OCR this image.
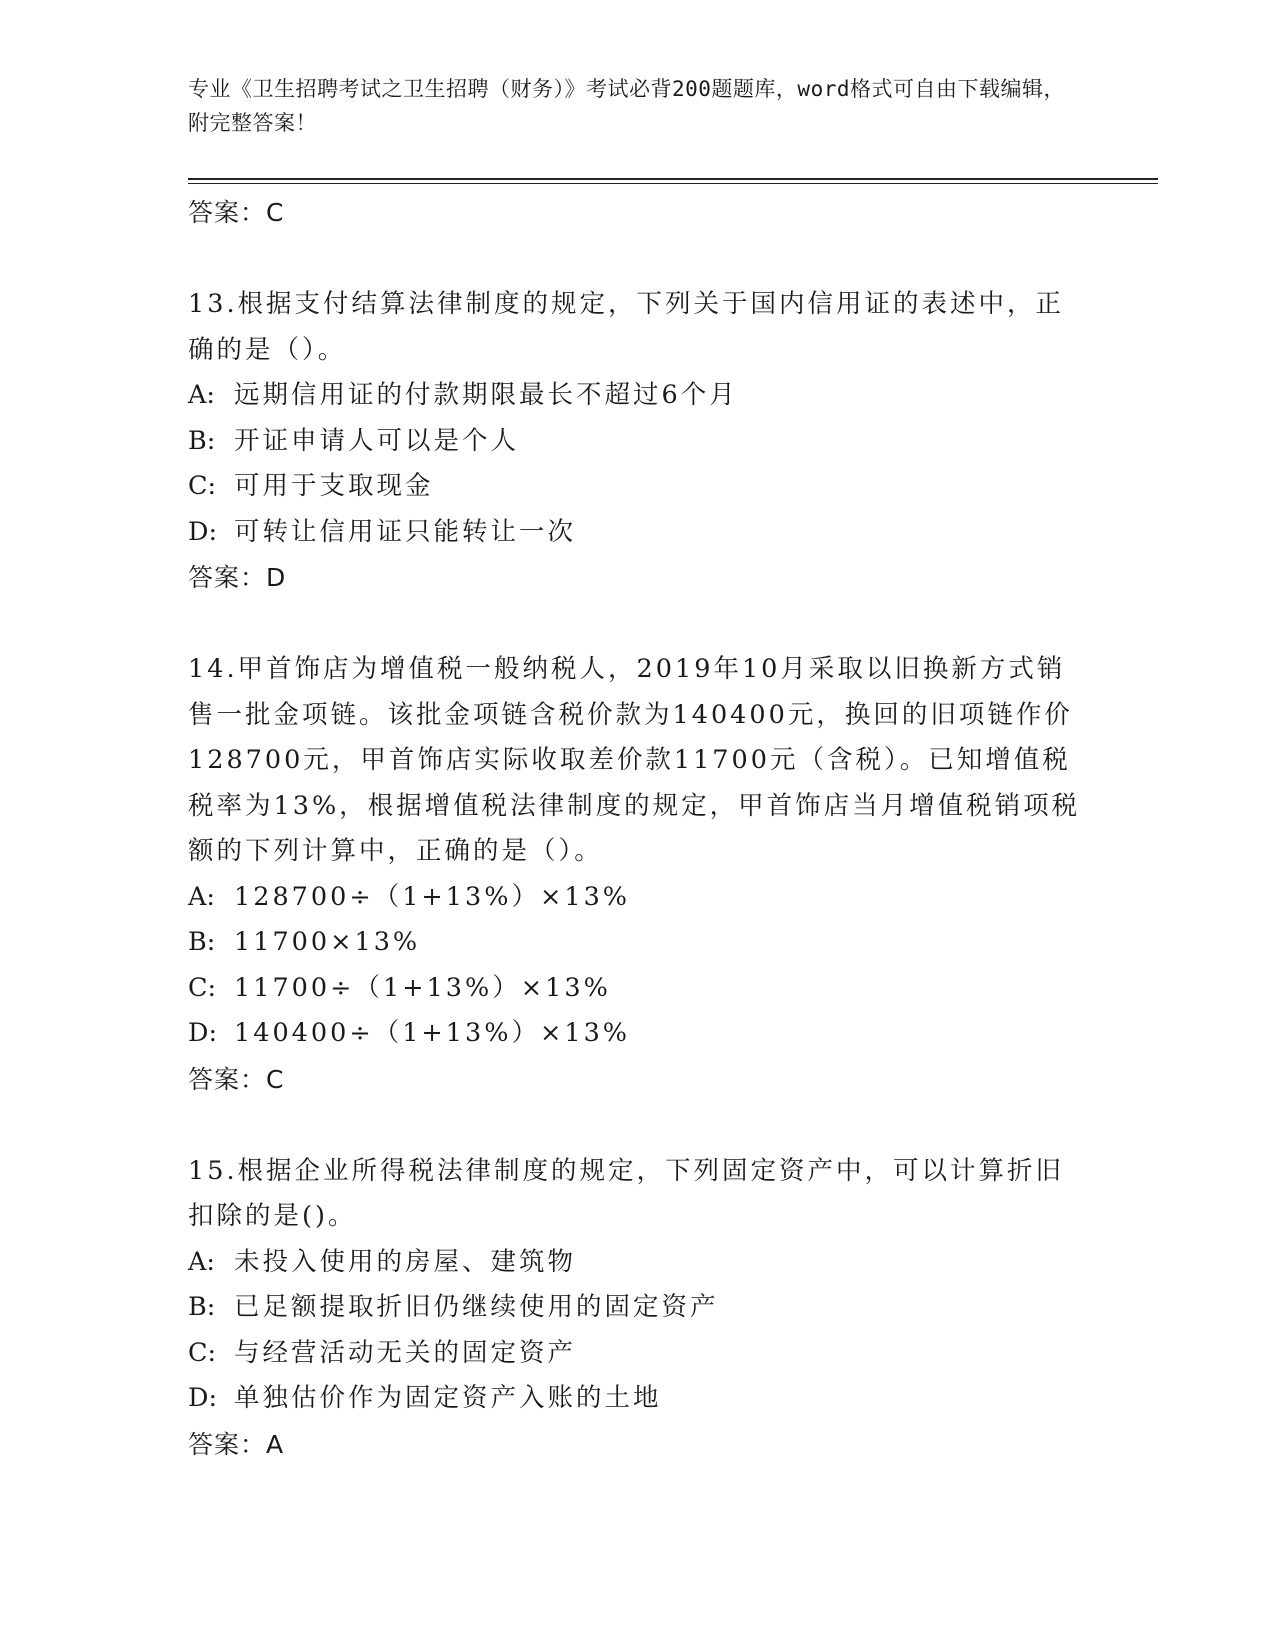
专业《卫生招聘考试之卫生招聘（财务）》考试必背200题题库，word格式可自由下载编辑，附完整答案！
答案：C
13.根据支付结算法律制度的规定，下列关于国内信用证的表述中，正确的是（）。
A: 远期信用证的付款期限最长不超过6个月
B: 开证申请人可以是个人
C: 可用于支取现金
D: 可转让信用证只能转让一次
答案：D
14.甲首饰店为增值税一般纳税人，2019年10月采取以旧换新方式销售一批金项链。该批金项链含税价款为140400元，换回的旧项链作价128700元，甲首饰店实际收取差价款11700元（含税）。已知增值税税率为13%，根据增值税法律制度的规定，甲首饰店当月增值税销项税额的下列计算中，正确的是（）。
A: 128700÷（1+13%）×13%
B: 11700×13%
C: 11700÷（1+13%）×13%
D: 140400÷（1+13%）×13%
答案：C
15.根据企业所得税法律制度的规定，下列固定资产中，可以计算折旧扣除的是()。
A: 未投入使用的房屋、建筑物
B: 已足额提取折旧仍继续使用的固定资产
C: 与经营活动无关的固定资产
D: 单独估价作为固定资产入账的土地
答案：A
